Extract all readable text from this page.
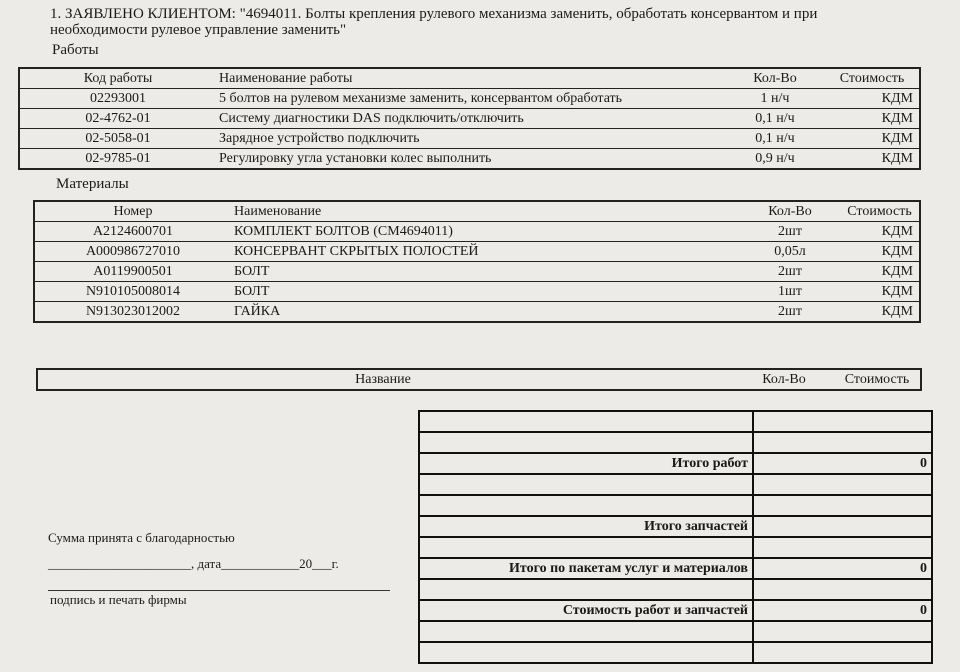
1. ЗАЯВЛЕНО КЛИЕНТОМ: "4694011. Болты крепления рулевого механизма заменить, обработать консервантом и при
необходимости рулевое управление заменить"
Работы
Код работы	Наименование работы	Кол-Во	Стоимость
02293001	5 болтов на рулевом механизме заменить, консервантом обработать	1 н/ч	КДМ
02-4762-01	Систему диагностики DAS подключить/отключить	0,1 н/ч	КДМ
02-5058-01	Зарядное устройство подключить	0,1 н/ч	КДМ
02-9785-01	Регулировку угла установки колес выполнить	0,9 н/ч	КДМ
Материалы
Номер	Наименование	Кол-Во	Стоимость
A2124600701	КОМПЛЕКТ БОЛТОВ (CM4694011)	2шт	КДМ
A000986727010	КОНСЕРВАНТ СКРЫТЫХ ПОЛОСТЕЙ	0,05л	КДМ
A0119900501	БОЛТ	2шт	КДМ
N910105008014	БОЛТ	1шт	КДМ
N913023012002	ГАЙКА	2шт	КДМ
Название	Кол-Во	Стоимость

Итого работ	0

Итого запчастей	

Итого по пакетам услуг и материалов	0

Стоимость работ и запчастей	0

Сумма принята с благодарностью
______________________, дата____________20___г.
подпись и печать фирмы
